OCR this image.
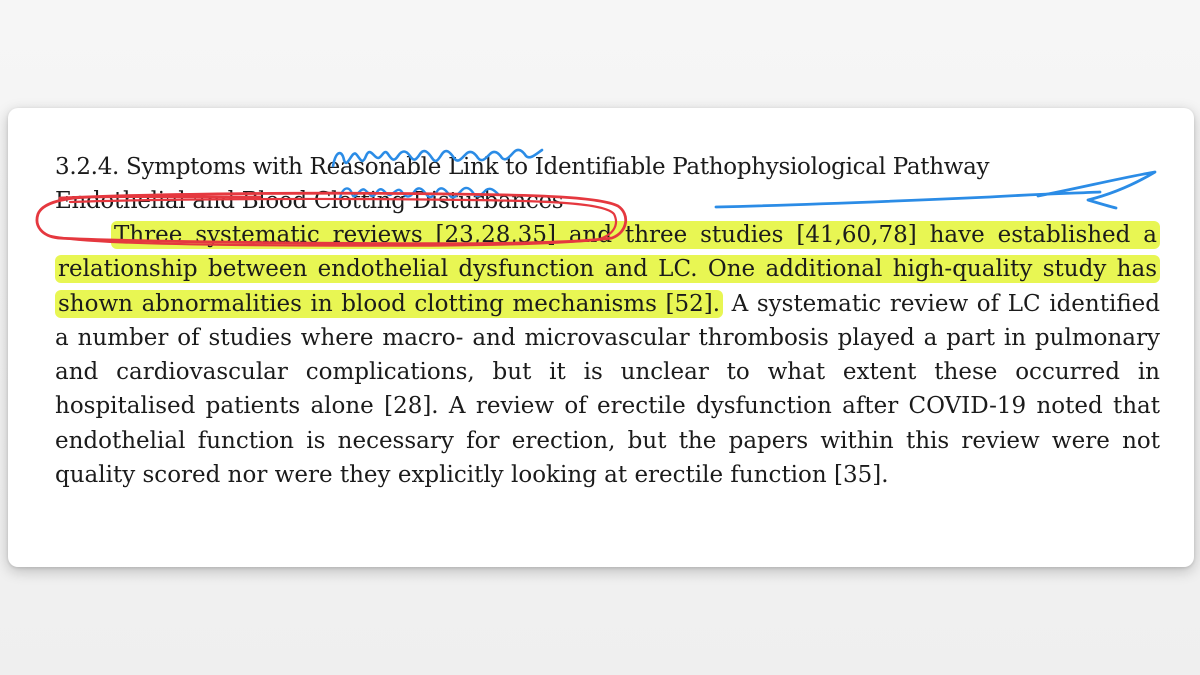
3.2.4. Symptoms with Reasonable Link to Identifiable Pathophysiological Pathway
Endothelial and Blood Clotting Disturbances

Three systematic reviews [23,28,35] and three studies [41,60,78] have established a relationship between endothelial dysfunction and LC. One additional high-quality study has shown abnormalities in blood clotting mechanisms [52]. A systematic review of LC identified a number of studies where macro- and microvascular thrombosis played a part in pulmonary and cardiovascular complications, but it is unclear to what extent these occurred in hospitalised patients alone [28]. A review of erectile dysfunction after COVID-19 noted that endothelial function is necessary for erection, but the papers within this review were not quality scored nor were they explicitly looking at erectile function [35].
